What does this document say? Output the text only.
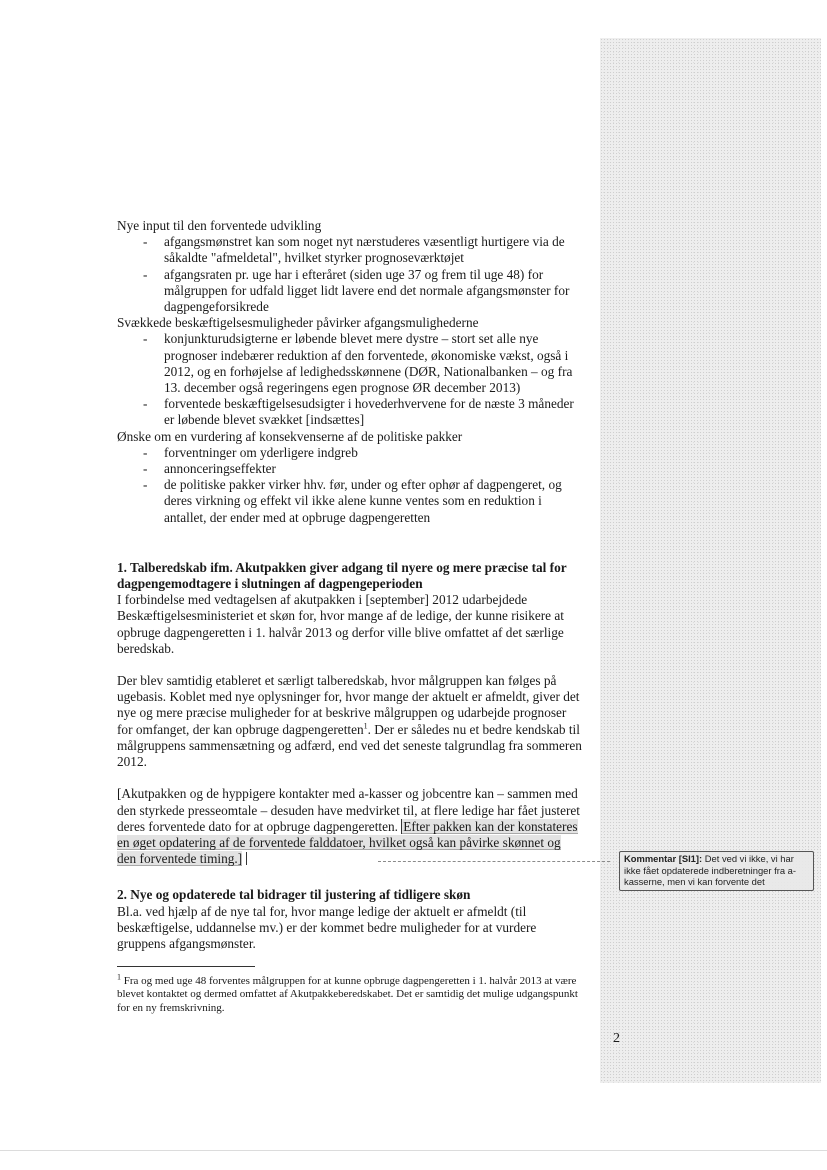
Nye input til den forventede udvikling

- afgangsmønstret kan som noget nyt nærstuderes væsentligt hurtigere via de såkaldte "afmeldetal", hvilket styrker prognoseværktøjet
- afgangsraten pr. uge har i efteråret (siden uge 37 og frem til uge 48) for målgruppen for udfald ligget lidt lavere end det normale afgangsmønster for dagpengeforsikrede

Svækkede beskæftigelsesmuligheder påvirker afgangsmulighederne

- konjunkturudsigterne er løbende blevet mere dystre – stort set alle nye prognoser indebærer reduktion af den forventede, økonomiske vækst, også i 2012, og en forhøjelse af ledighedsskønnene (DØR, Nationalbanken – og fra 13. december også regeringens egen prognose ØR december 2013)
- forventede beskæftigelsesudsigter i hovederhvervene for de næste 3 måneder er løbende blevet svækket [indsættes]

Ønske om en vurdering af konsekvenserne af de politiske pakker

- forventninger om yderligere indgreb
- annonceringseffekter
- de politiske pakker virker hhv. før, under og efter ophør af dagpengeret, og deres virkning og effekt vil ikke alene kunne ventes som en reduktion i antallet, der ender med at opbruge dagpengeretten

1. Talberedskab ifm. Akutpakken giver adgang til nyere og mere præcise tal for dagpengemodtagere i slutningen af dagpengeperioden

I forbindelse med vedtagelsen af akutpakken i [september] 2012 udarbejdede Beskæftigelsesministeriet et skøn for, hvor mange af de ledige, der kunne risikere at opbruge dagpengeretten i 1. halvår 2013 og derfor ville blive omfattet af det særlige beredskab.

Der blev samtidig etableret et særligt talberedskab, hvor målgruppen kan følges på ugebasis. Koblet med nye oplysninger for, hvor mange der aktuelt er afmeldt, giver det nye og mere præcise muligheder for at beskrive målgruppen og udarbejde prognoser for omfanget, der kan opbruge dagpengeretten$^1$. Der er således nu et bedre kendskab til målgruppens sammensætning og adfærd, end ved det seneste talgrundlag fra sommeren 2012.

[Akutpakken og de hyppigere kontakter med a-kasser og jobcentre kan – sammen med den styrkede presseomtale – desuden have medvirket til, at flere ledige har fået justeret deres forventede dato for at opbruge dagpengeretten. Efter pakken kan der konstateres en øget opdatering af de forventede falddatoer, hvilket også kan påvirke skønnet og den forventede timing.]

2. Nye og opdaterede tal bidrager til justering af tidligere skøn

Bl.a. ved hjælp af de nye tal for, hvor mange ledige der aktuelt er afmeldt (til beskæftigelse, uddannelse mv.) er der kommet bedre muligheder for at vurdere gruppens afgangsmønster.

$^1$ Fra og med uge 48 forventes målgruppen for at kunne opbruge dagpengeretten i 1. halvår 2013 at være blevet kontaktet og dermed omfattet af Akutpakkeberedskabet. Det er samtidig det mulige udgangspunkt for en ny fremskrivning.

Kommentar [SI1]: Det ved vi ikke, vi har ikke fået opdaterede indberetninger fra a-kasserne, men vi kan forvente det
2
